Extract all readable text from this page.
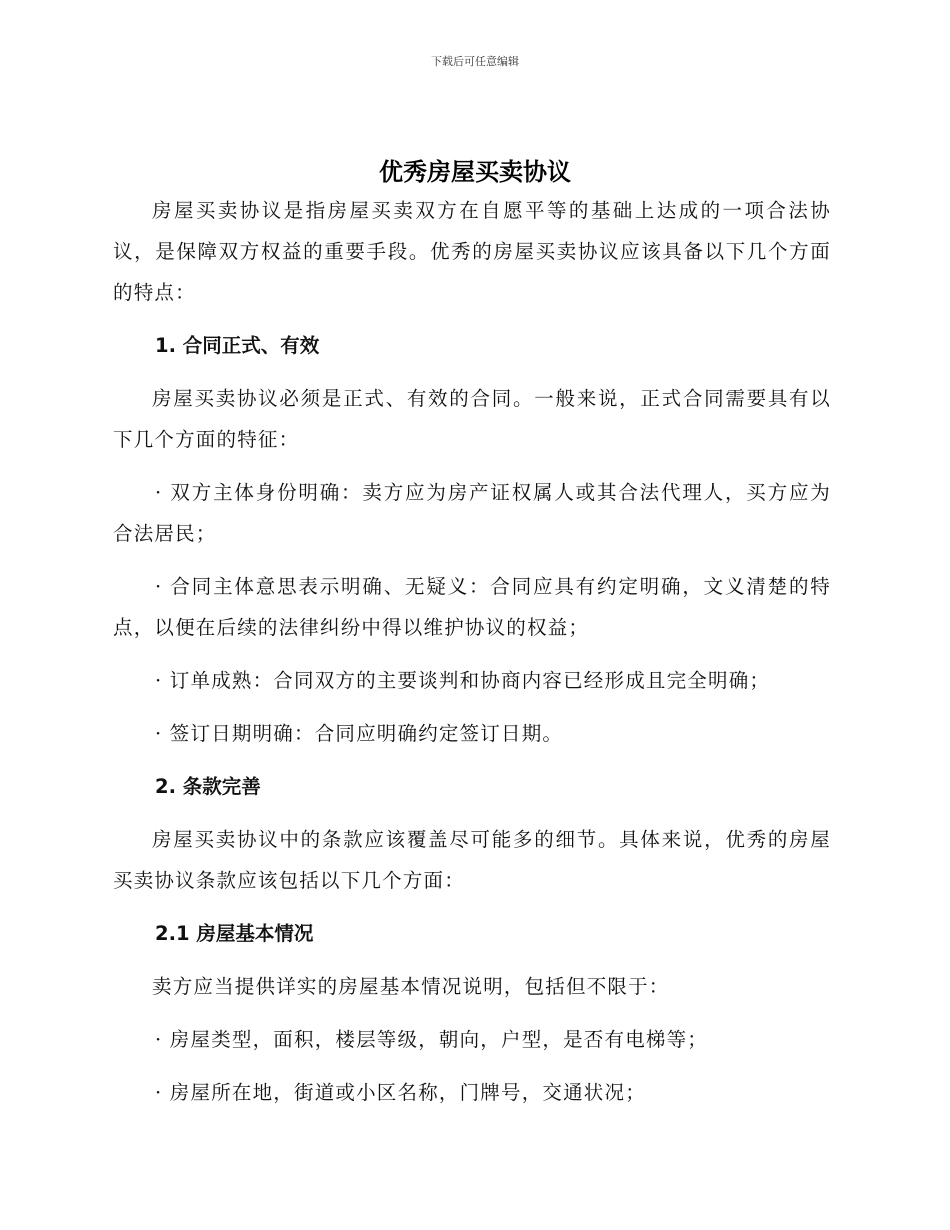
下载后可任意编辑
优秀房屋买卖协议

房屋买卖协议是指房屋买卖双方在自愿平等的基础上达成的一项合法协议，是保障双方权益的重要手段。优秀的房屋买卖协议应该具备以下几个方面的特点：

1. 合同正式、有效

房屋买卖协议必须是正式、有效的合同。一般来说，正式合同需要具有以下几个方面的特征：

· 双方主体身份明确：卖方应为房产证权属人或其合法代理人，买方应为合法居民；

· 合同主体意思表示明确、无疑义：合同应具有约定明确，文义清楚的特点，以便在后续的法律纠纷中得以维护协议的权益；

· 订单成熟：合同双方的主要谈判和协商内容已经形成且完全明确；

· 签订日期明确：合同应明确约定签订日期。

2. 条款完善

房屋买卖协议中的条款应该覆盖尽可能多的细节。具体来说，优秀的房屋买卖协议条款应该包括以下几个方面：

2.1 房屋基本情况

卖方应当提供详实的房屋基本情况说明，包括但不限于：

· 房屋类型，面积，楼层等级，朝向，户型，是否有电梯等；

· 房屋所在地，街道或小区名称，门牌号，交通状况；
